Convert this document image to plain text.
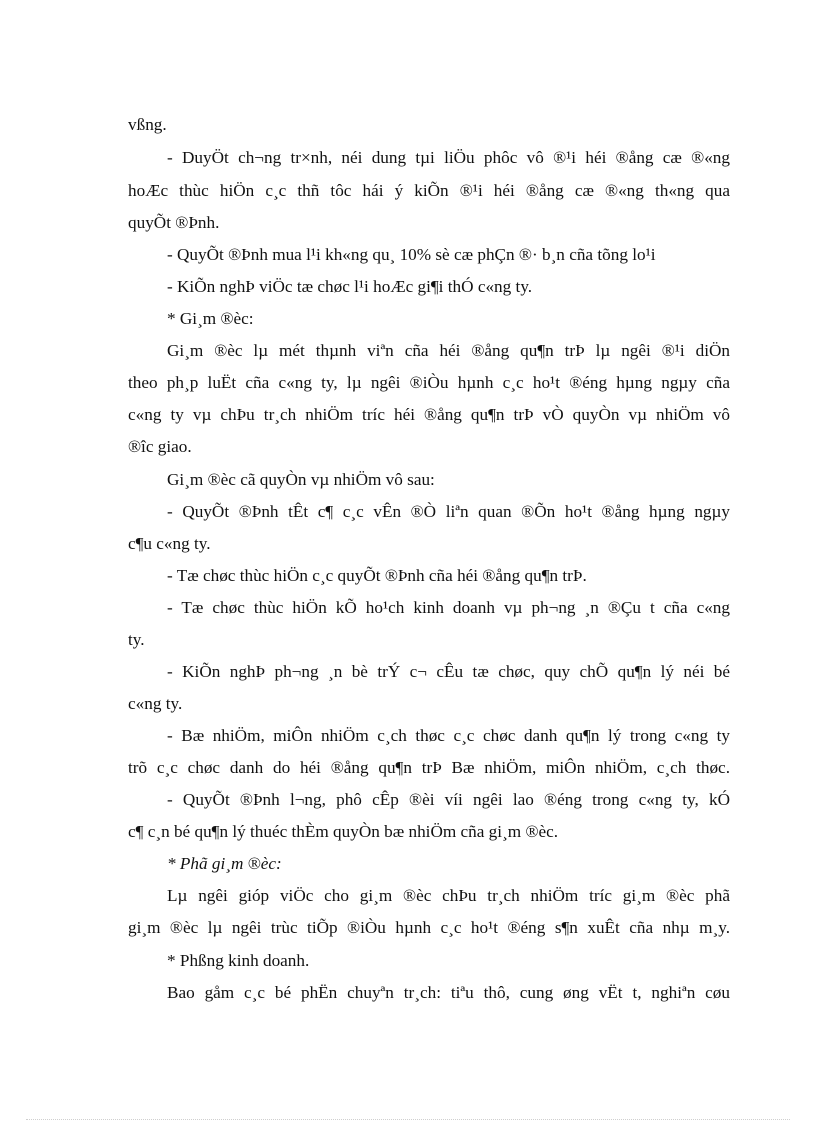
vßng.
- DuyÖt ch¬ng tr×nh, néi dung tµi liÖu phôc vô ®¹i héi ®ång cæ ®«ng
hoÆc thùc hiÖn c¸c thñ tôc hái ý kiÕn ®¹i héi ®ång cæ ®«ng th«ng qua
quyÕt ®Þnh.
- QuyÕt ®Þnh mua l¹i kh«ng qu¸ 10% sè cæ phÇn ®· b¸n cña tõng lo¹i
- KiÕn nghÞ viÖc tæ chøc l¹i hoÆc gi¶i thÓ c«ng ty.
* Gi¸m ®èc:
Gi¸m ®èc lµ mét thµnh viªn cña héi ®ång qu¶n trÞ lµ ngêi ®¹i diÖn
theo ph¸p luËt cña c«ng ty, lµ ngêi ®iÒu hµnh c¸c ho¹t ®éng hµng ngµy cña
c«ng ty vµ chÞu tr¸ch nhiÖm tríc héi ®ång qu¶n trÞ vÒ quyÒn vµ nhiÖm vô
®îc giao.
Gi¸m ®èc cã quyÒn vµ nhiÖm vô sau:
- QuyÕt ®Þnh tÊt c¶ c¸c vÊn ®Ò liªn quan ®Õn ho¹t ®ång hµng ngµy
c¶u c«ng ty.
- Tæ chøc thùc hiÖn c¸c quyÕt ®Þnh cña héi ®ång qu¶n trÞ.
- Tæ chøc thùc hiÖn kÕ ho¹ch kinh doanh vµ ph¬ng ¸n ®Çu t cña c«ng
ty.
- KiÕn nghÞ ph¬ng ¸n bè trÝ c¬ cÊu tæ chøc, quy chÕ qu¶n lý néi bé
c«ng ty.
- Bæ nhiÖm, miÔn nhiÖm c¸ch thøc c¸c chøc danh qu¶n lý trong c«ng ty
trõ c¸c chøc danh do héi ®ång qu¶n trÞ Bæ nhiÖm, miÔn nhiÖm, c¸ch thøc.
- QuyÕt ®Þnh l¬ng, phô cÊp ®èi víi ngêi lao ®éng trong c«ng ty, kÓ
c¶ c¸n bé qu¶n lý thuéc thÈm quyÒn bæ nhiÖm cña gi¸m ®èc.
* Phã gi¸m ®èc:
Lµ ngêi gióp viÖc cho gi¸m ®èc chÞu tr¸ch nhiÖm tríc gi¸m ®èc phã
gi¸m ®èc lµ ngêi trùc tiÕp ®iÒu hµnh c¸c ho¹t ®éng s¶n xuÊt cña nhµ m¸y.
* Phßng kinh doanh.
Bao gåm c¸c bé phËn chuyªn tr¸ch: tiªu thô, cung øng vËt t, nghiªn cøu
